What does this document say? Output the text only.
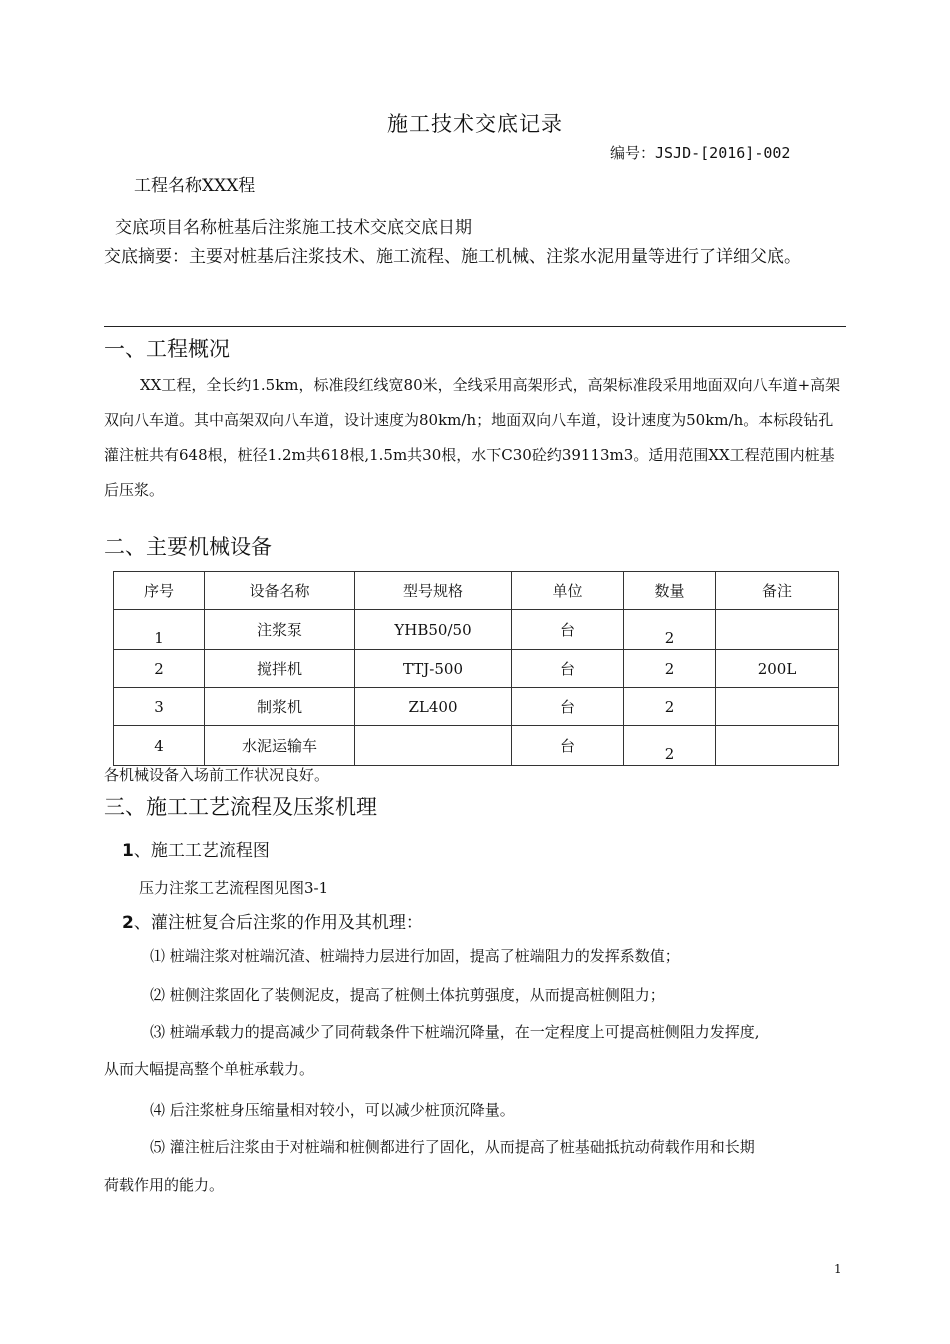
施工技术交底记录
编号：JSJD-[2016]-002
工程名称XXX程
交底项目名称桩基后注浆施工技术交底交底日期
交底摘要：主要对桩基后注浆技术、施工流程、施工机械、注浆水泥用量等进行了详细父底。
一、工程概况
XX工程，全长约1.5km，标准段红线宽80米，全线采用高架形式，高架标准段采用地面双向八车道+高架双向八车道。其中高架双向八车道，设计速度为80km/h；地面双向八车道，设计速度为50km/h。本标段钻孔灌注桩共有648根，桩径1.2m共618根,1.5m共30根，水下C30砼约39113m3。适用范围XX工程范围内桩基后压浆。
二、主要机械设备
序号	设备名称	型号规格	单位	数量	备注
1	注浆泵	YHB50/50	台	2	
2	搅拌机	TTJ-500	台	2	200L
3	制浆机	ZL400	台	2	
4	水泥运输车		台	2	
各机械设备入场前工作状况良好。
三、施工工艺流程及压浆机理
1、施工工艺流程图
压力注浆工艺流程图见图3-1
2、灌注桩复合后注浆的作用及其机理：
⑴ 桩端注浆对桩端沉渣、桩端持力层进行加固，提高了桩端阻力的发挥系数值；
⑵ 桩侧注浆固化了装侧泥皮，提高了桩侧土体抗剪强度，从而提高桩侧阻力；
⑶ 桩端承载力的提高减少了同荷载条件下桩端沉降量，在一定程度上可提高桩侧阻力发挥度,
从而大幅提高整个单桩承载力。
⑷ 后注浆桩身压缩量相对较小，可以减少桩顶沉降量。
⑸ 灌注桩后注浆由于对桩端和桩侧都进行了固化，从而提高了桩基础抵抗动荷载作用和长期
荷载作用的能力。
1
